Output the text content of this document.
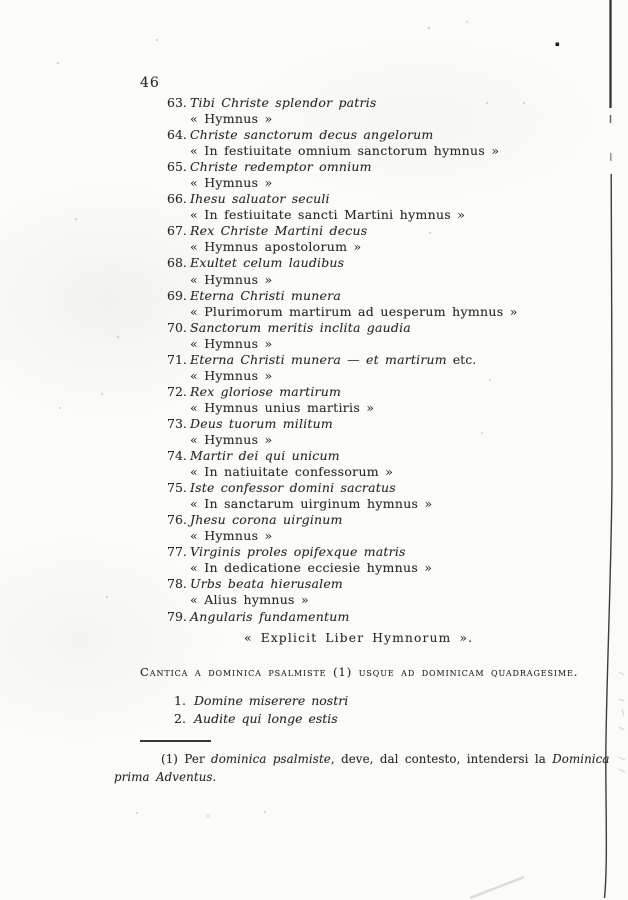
46
63. Tibi Christe splendor patris
« Hymnus »
64. Christe sanctorum decus angelorum
« In festiuitate omnium sanctorum hymnus »
65. Christe redemptor omnium
« Hymnus »
66. Ihesu saluator seculi
« In festiuitate sancti Martini hymnus »
67. Rex Christe Martini decus
« Hymnus apostolorum »
68. Exultet celum laudibus
« Hymnus »
69. Eterna Christi munera
« Plurimorum martirum ad uesperum hymnus »
70. Sanctorum meritis inclita gaudia
« Hymnus »
71. Eterna Christi munera — et martirum etc.
« Hymnus »
72. Rex gloriose martirum
« Hymnus unius martiris »
73. Deus tuorum militum
« Hymnus »
74. Martir dei qui unicum
« In natiuitate confessorum »
75. Iste confessor domini sacratus
« In sanctarum uirginum hymnus »
76. Jhesu corona uirginum
« Hymnus »
77. Virginis proles opifexque matris
« In dedicatione ecciesie hymnus »
78. Urbs beata hierusalem
« Alius hymnus »
79. Angularis fundamentum
« Explicit Liber Hymnorum ».
Cantica a dominica psalmiste (1) usque ad dominicam quadragesime.
1. Domine miserere nostri
2. Audite qui longe estis
(1) Per dominica psalmiste, deve, dal contesto, intendersi la Dominica
prima Adventus.
